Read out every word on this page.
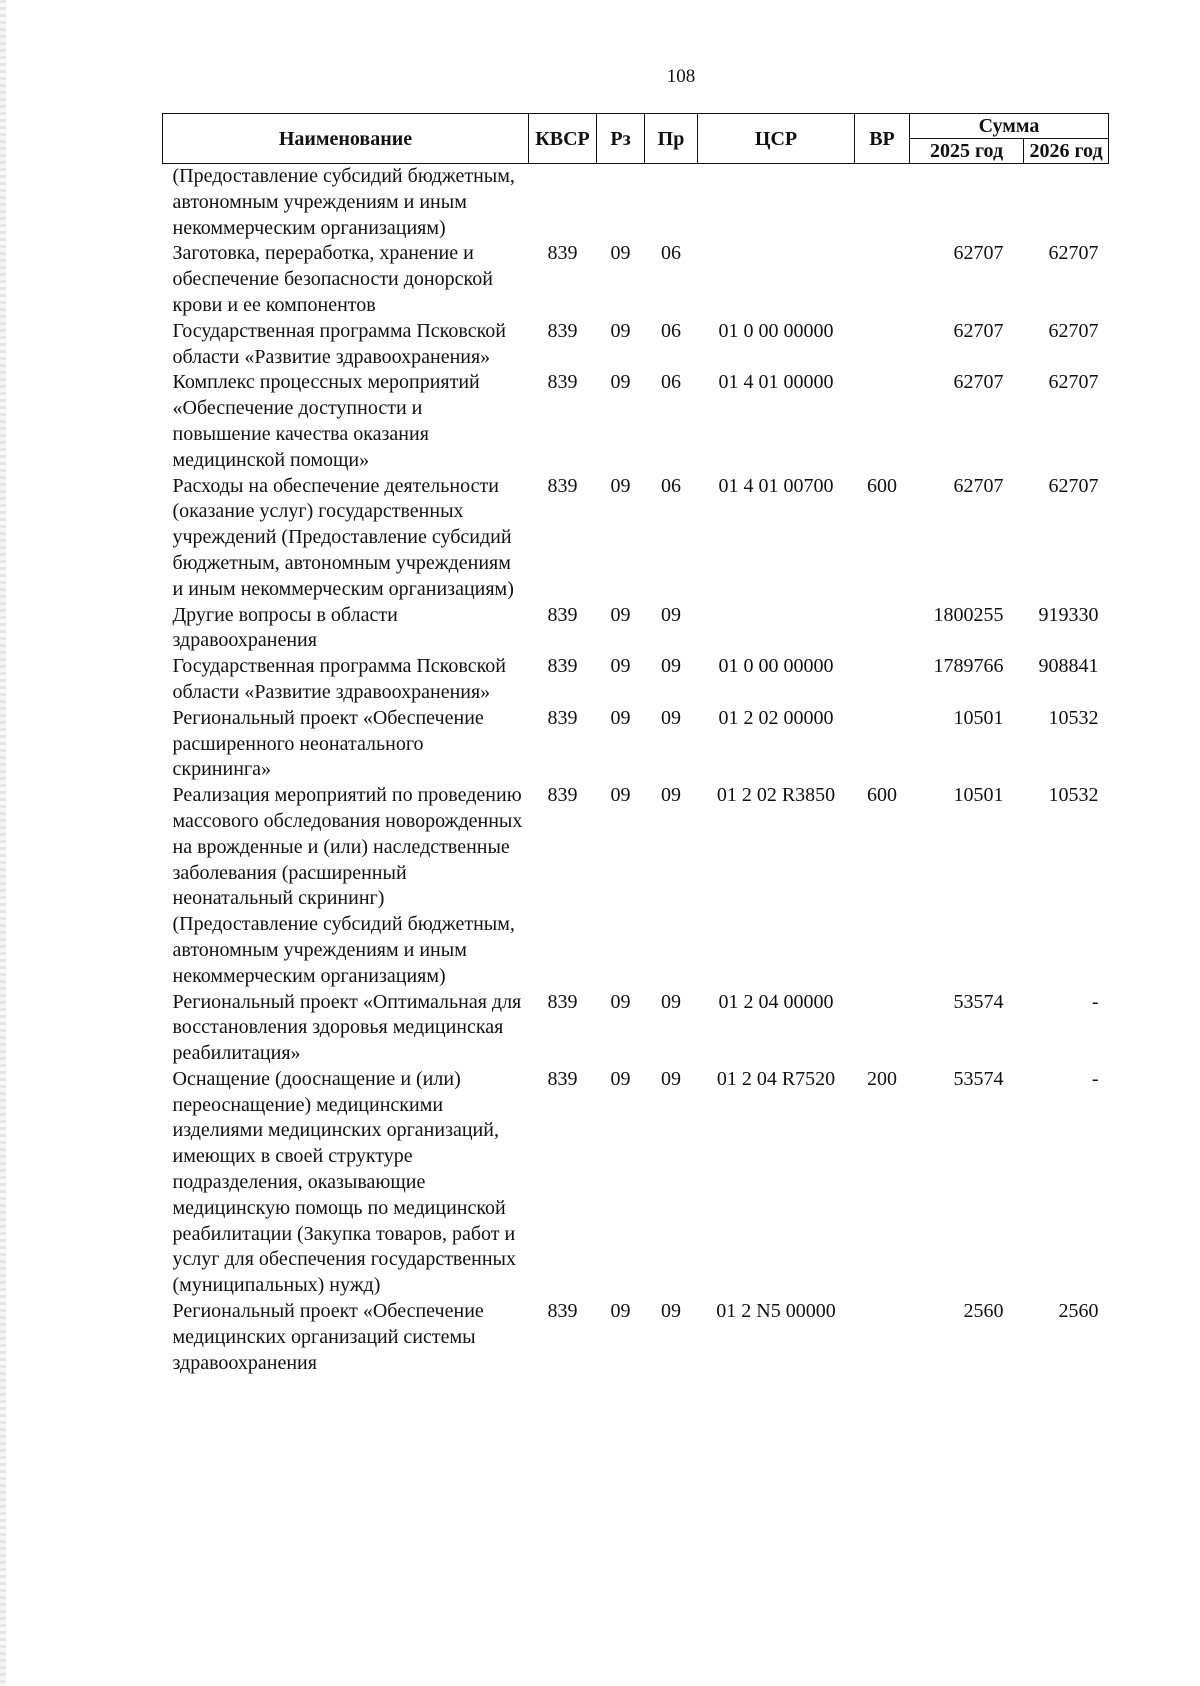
108
Наименование	КВСР	Рз	Пр	ЦСР	ВР	Сумма	
						2025 год	2026 год
(Предоставление субсидий бюджетным, автономным учреждениям и иным некоммерческим организациям)							
Заготовка, переработка, хранение и обеспечение безопасности донорской крови и ее компонентов	839	09	06			62707	62707
Государственная программа Псковской области «Развитие здравоохранения»	839	09	06	01 0 00 00000		62707	62707
Комплекс процессных мероприятий «Обеспечение доступности и повышение качества оказания медицинской помощи»	839	09	06	01 4 01 00000		62707	62707
Расходы на обеспечение деятельности (оказание услуг) государственных учреждений (Предоставление субсидий бюджетным, автономным учреждениям и иным некоммерческим организациям)	839	09	06	01 4 01 00700	600	62707	62707
Другие вопросы в области здравоохранения	839	09	09			1800255	919330
Государственная программа Псковской области «Развитие здравоохранения»	839	09	09	01 0 00 00000		1789766	908841
Региональный проект «Обеспечение расширенного неонатального скрининга»	839	09	09	01 2 02 00000		10501	10532
Реализация мероприятий по проведению массового обследования новорожденных на врожденные и (или) наследственные заболевания (расширенный неонатальный скрининг) (Предоставление субсидий бюджетным, автономным учреждениям и иным некоммерческим организациям)	839	09	09	01 2 02 R3850	600	10501	10532
Региональный проект «Оптимальная для восстановления здоровья медицинская реабилитация»	839	09	09	01 2 04 00000		53574	-
Оснащение (дооснащение и (или) переоснащение) медицинскими изделиями медицинских организаций, имеющих в своей структуре подразделения, оказывающие медицинскую помощь по медицинской реабилитации (Закупка товаров, работ и услуг для обеспечения государственных (муниципальных) нужд)	839	09	09	01 2 04 R7520	200	53574	-
Региональный проект «Обеспечение медицинских организаций системы здравоохранения	839	09	09	01 2 N5 00000		2560	2560
